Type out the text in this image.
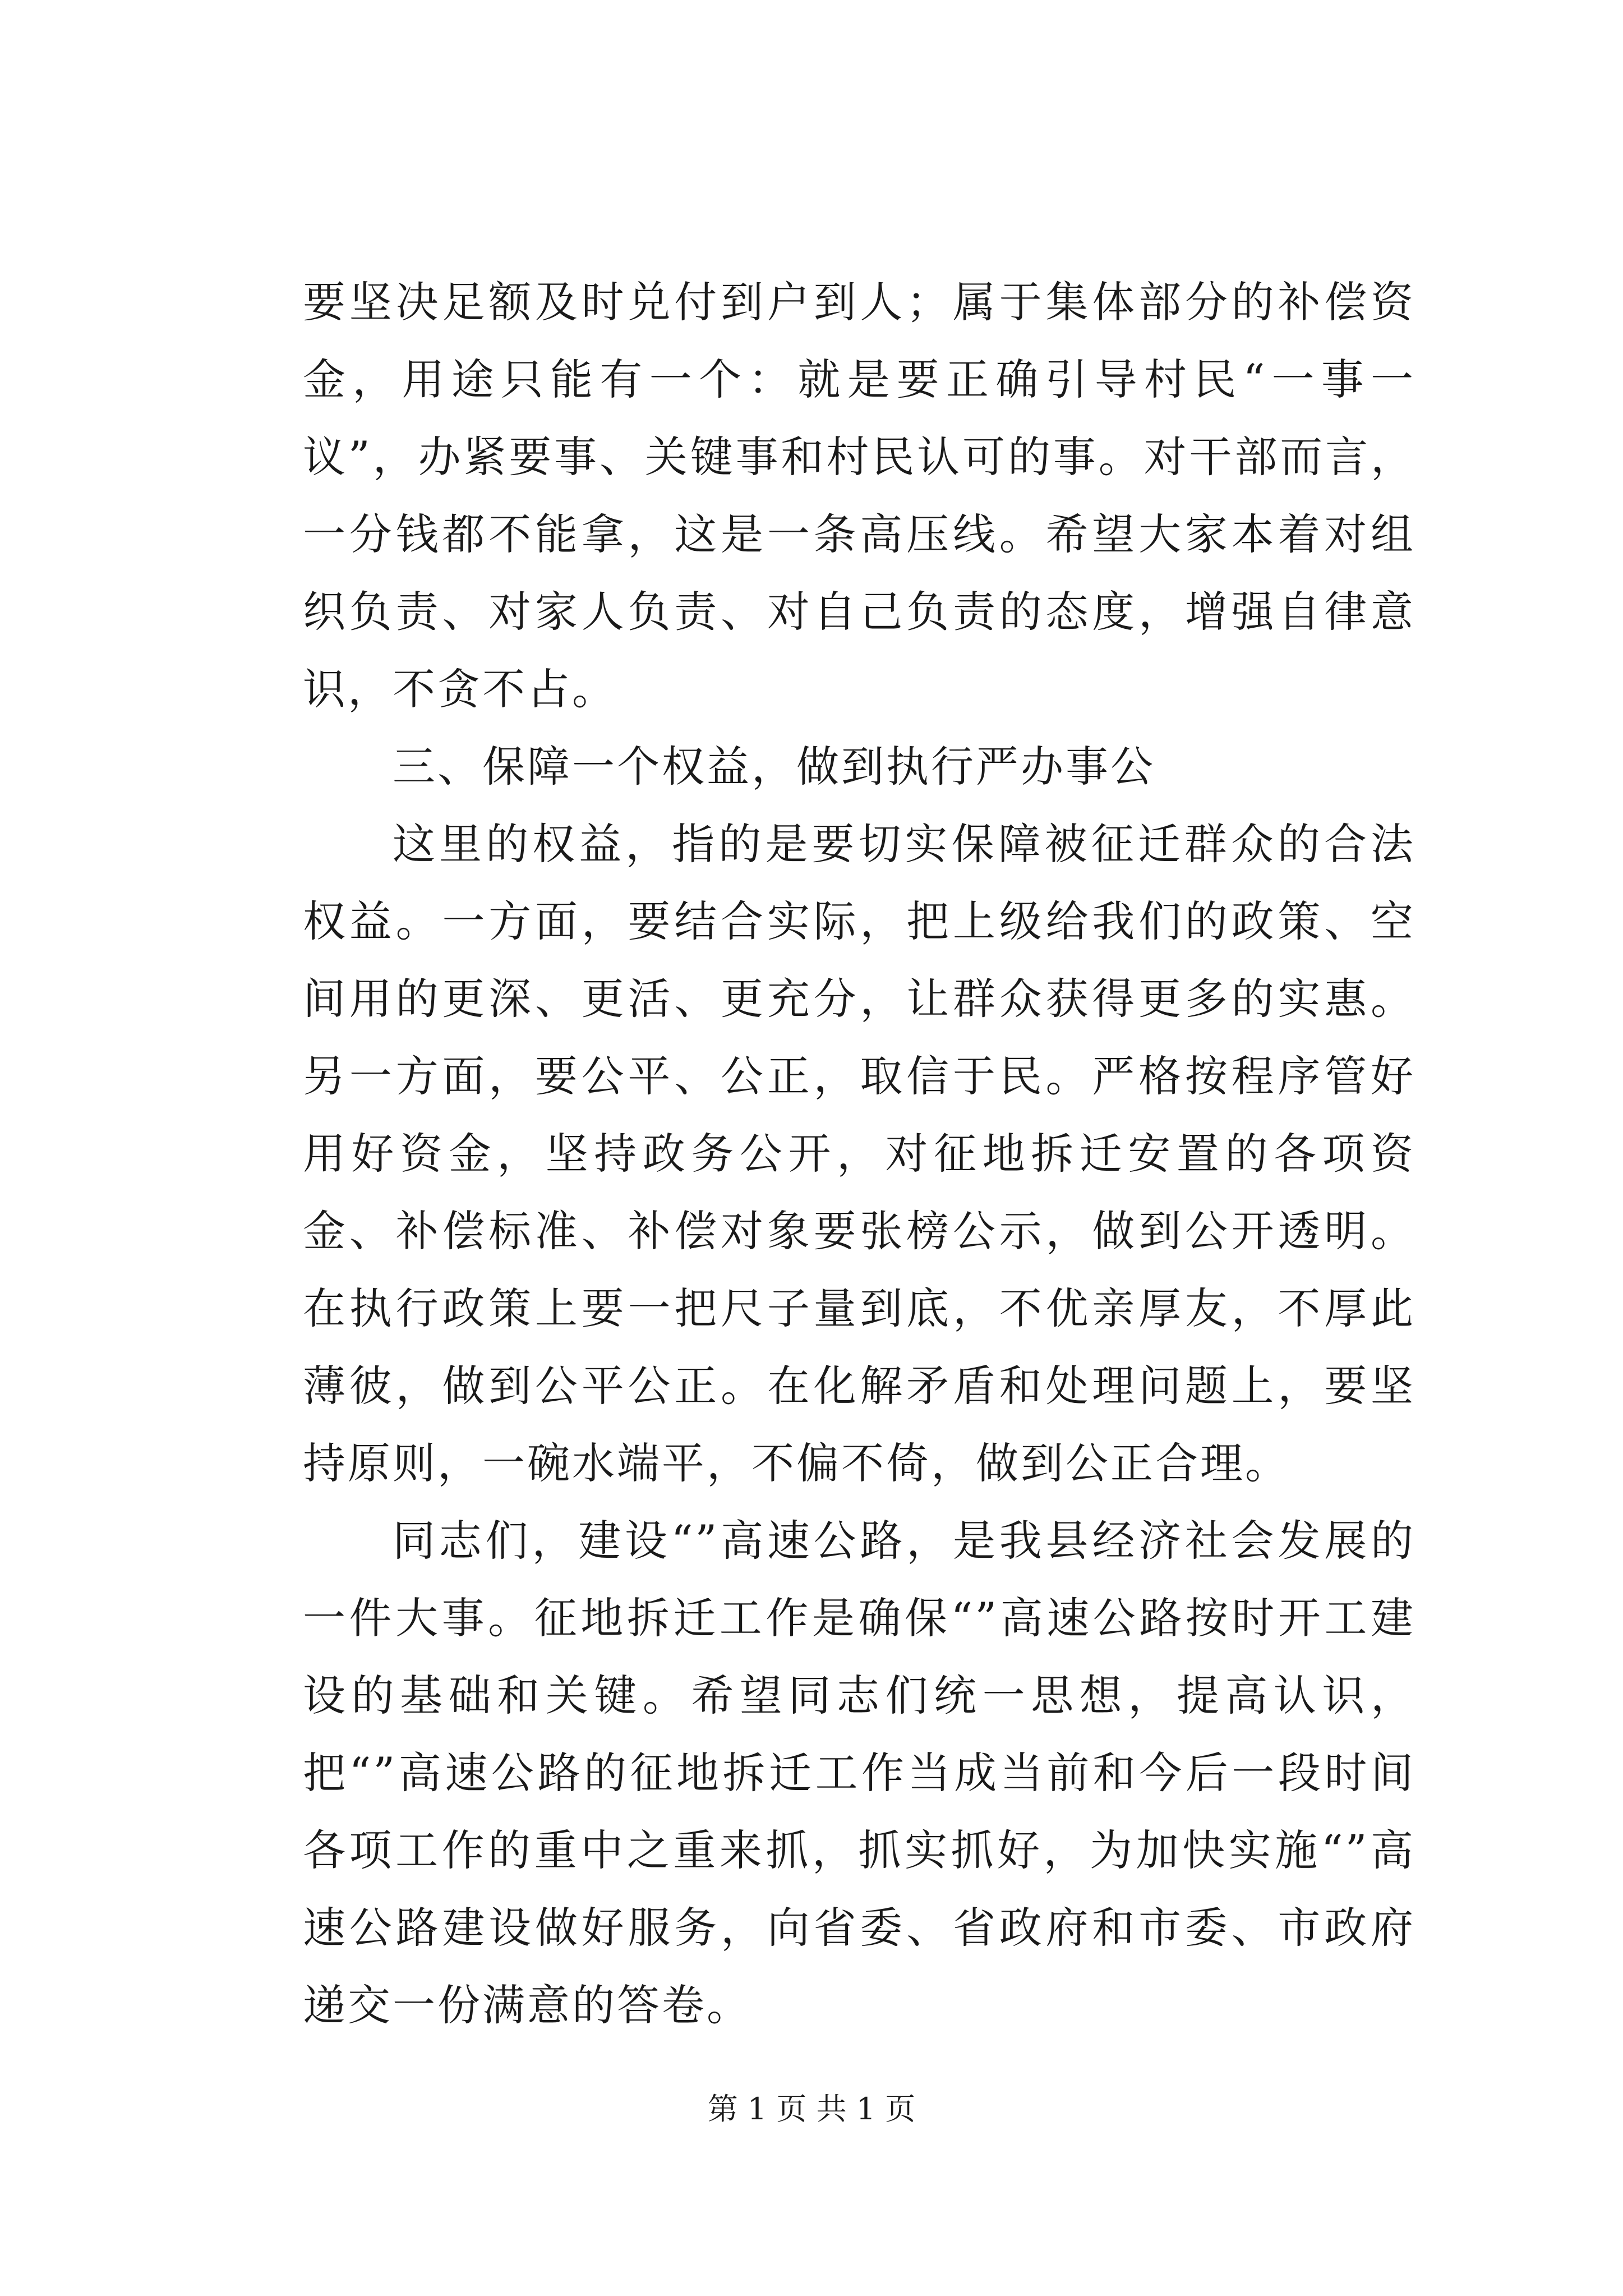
要坚决足额及时兑付到户到人；属于集体部分的补偿资金，用途只能有一个：就是要正确引导村民“一事一议”，办紧要事、关键事和村民认可的事。对干部而言，一分钱都不能拿，这是一条高压线。希望大家本着对组织负责、对家人负责、对自己负责的态度，增强自律意识，不贪不占。

三、保障一个权益，做到执行严办事公

这里的权益，指的是要切实保障被征迁群众的合法权益。一方面，要结合实际，把上级给我们的政策、空间用的更深、更活、更充分，让群众获得更多的实惠。另一方面，要公平、公正，取信于民。严格按程序管好用好资金，坚持政务公开，对征地拆迁安置的各项资金、补偿标准、补偿对象要张榜公示，做到公开透明。在执行政策上要一把尺子量到底，不优亲厚友，不厚此薄彼，做到公平公正。在化解矛盾和处理问题上，要坚持原则，一碗水端平，不偏不倚，做到公正合理。

同志们，建设“”高速公路，是我县经济社会发展的一件大事。征地拆迁工作是确保“”高速公路按时开工建设的基础和关键。希望同志们统一思想，提高认识，把“”高速公路的征地拆迁工作当成当前和今后一段时间各项工作的重中之重来抓，抓实抓好，为加快实施“”高速公路建设做好服务，向省委、省政府和市委、市政府递交一份满意的答卷。

第 1 页 共 1 页
